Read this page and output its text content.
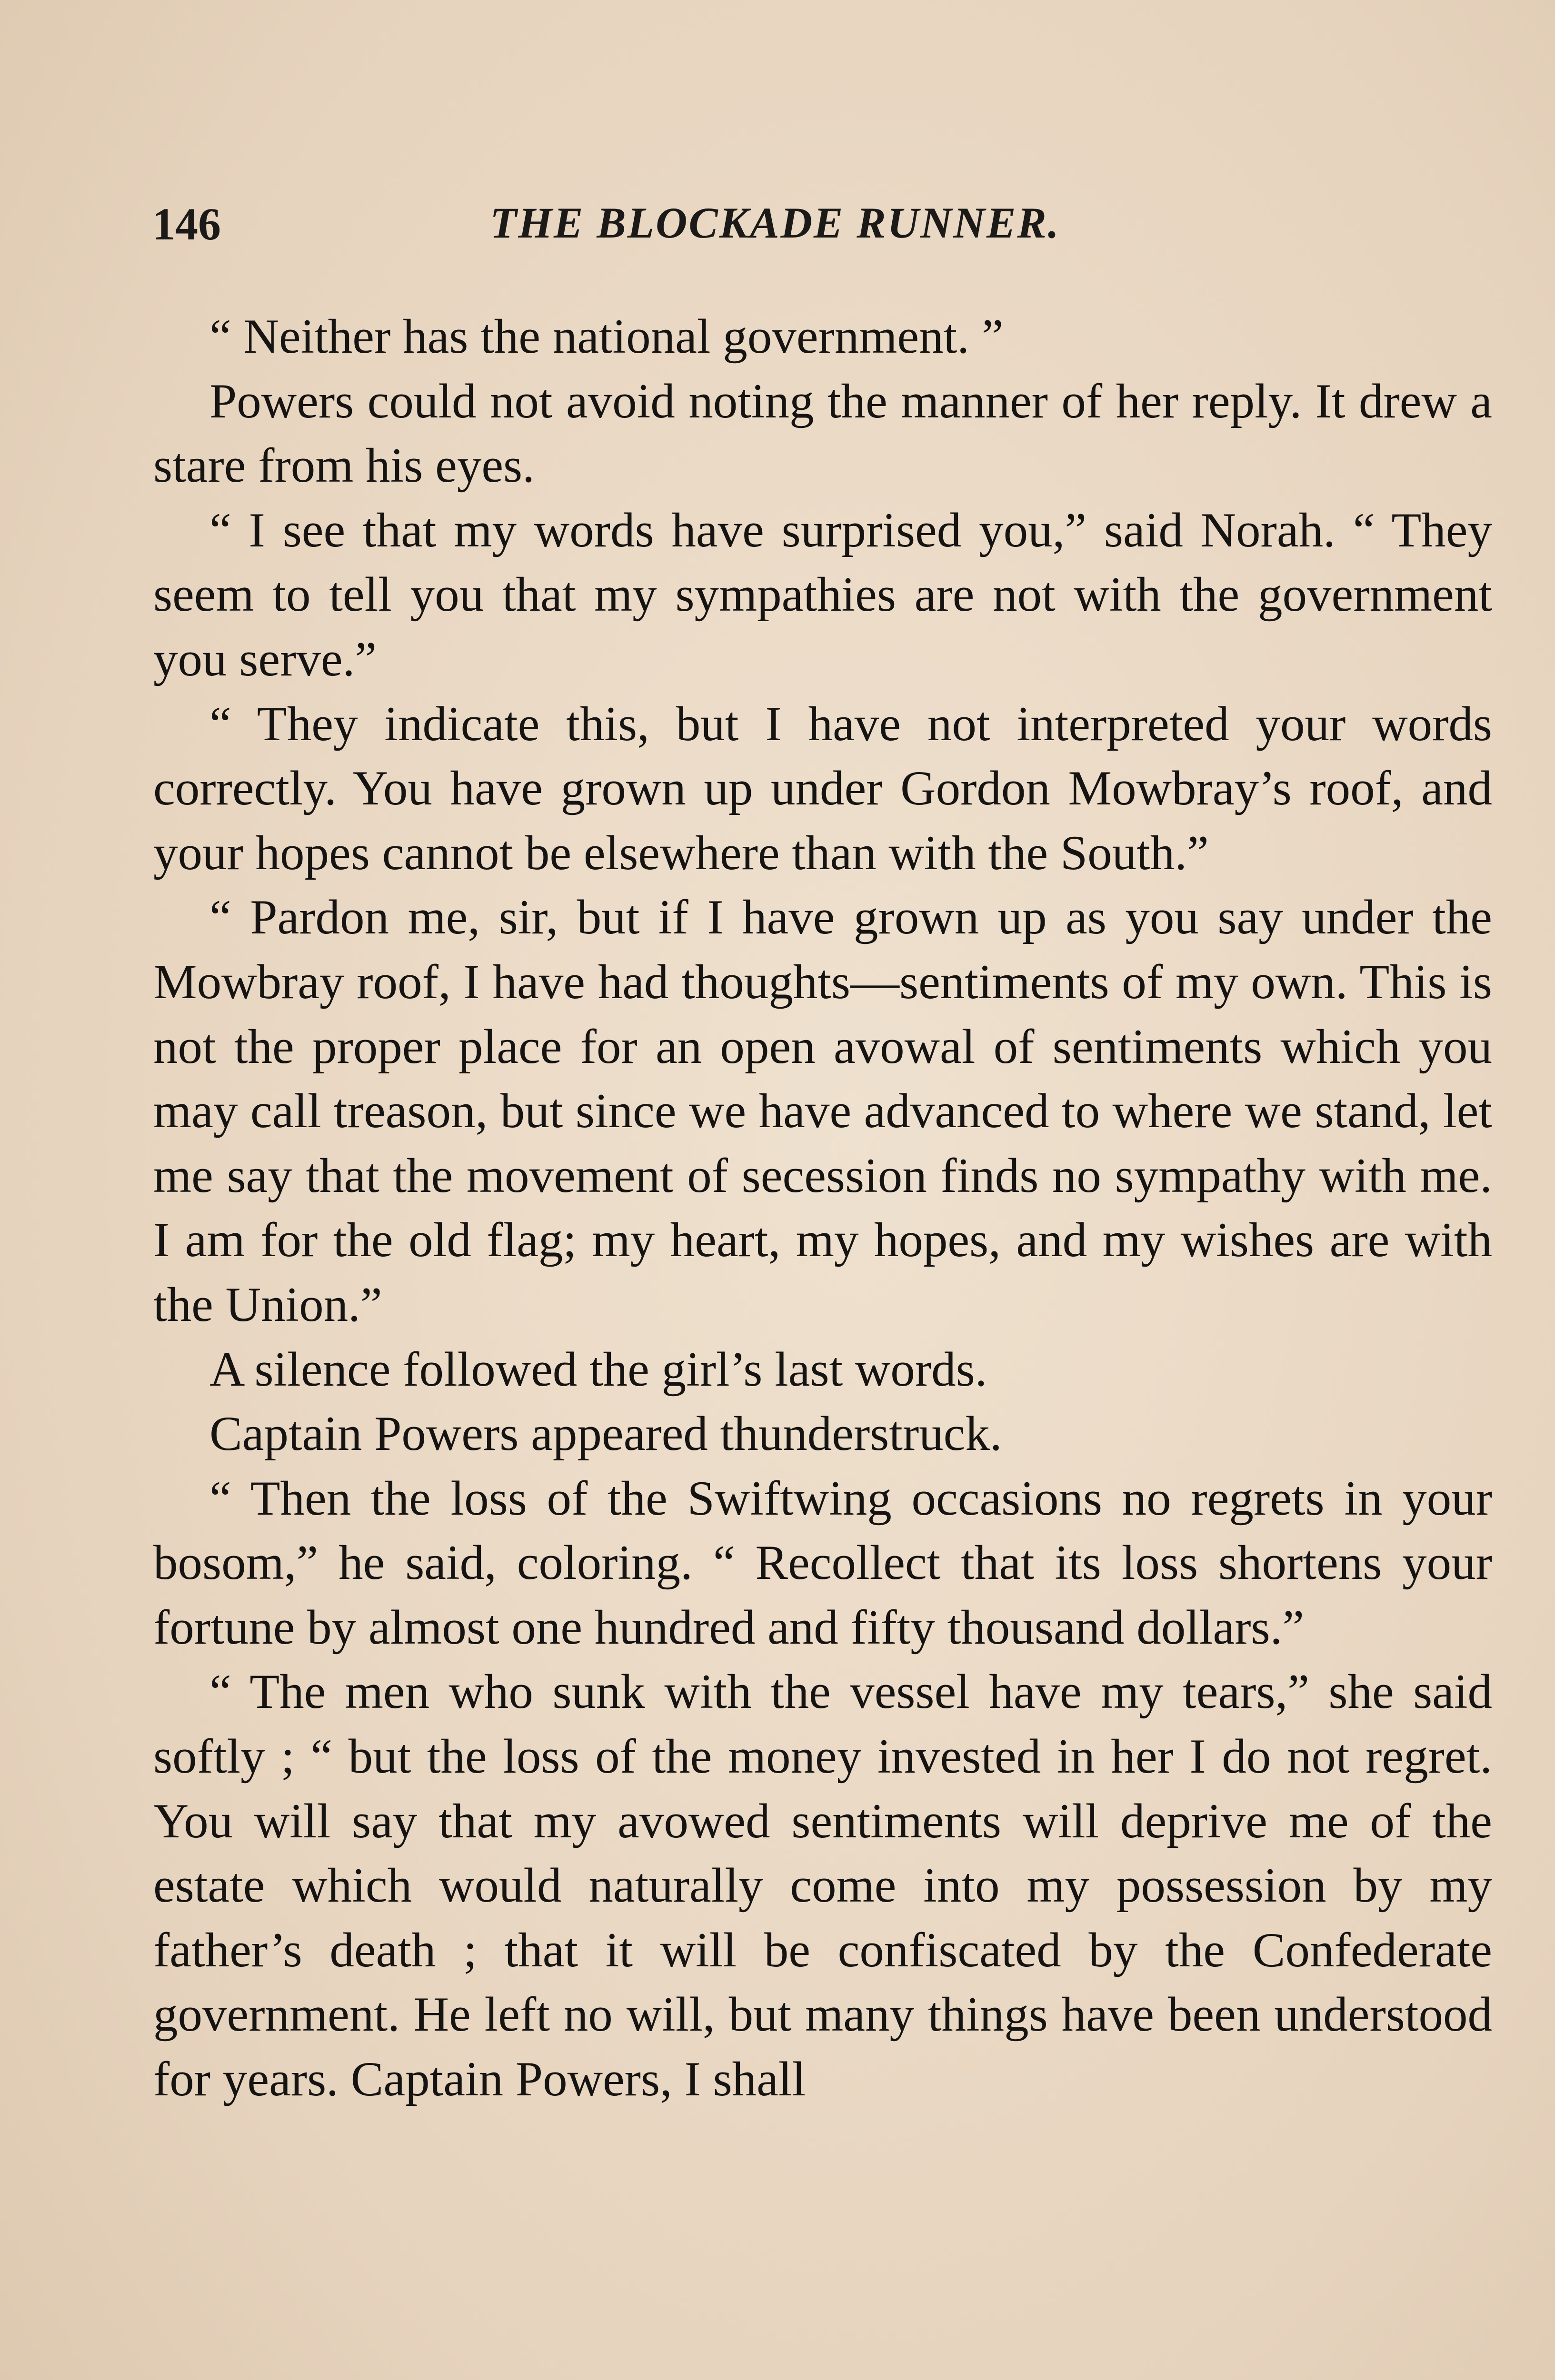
146	THE BLOCKADE RUNNER.

“ Neither has the national government. ”

Powers could not avoid noting the manner of her reply. It drew a stare from his eyes.

“ I see that my words have surprised you,” said Norah. “ They seem to tell you that my sympathies are not with the government you serve.”

“ They indicate this, but I have not interpreted your words correctly. You have grown up under Gordon Mowbray’s roof, and your hopes cannot be elsewhere than with the South.”

“ Pardon me, sir, but if I have grown up as you say under the Mowbray roof, I have had thoughts—sentiments of my own. This is not the proper place for an open avowal of sentiments which you may call treason, but since we have advanced to where we stand, let me say that the movement of secession finds no sympathy with me. I am for the old flag; my heart, my hopes, and my wishes are with the Union.”

A silence followed the girl’s last words.

Captain Powers appeared thunderstruck.

“ Then the loss of the Swiftwing occasions no regrets in your bosom,” he said, coloring. “ Recollect that its loss shortens your fortune by almost one hundred and fifty thousand dollars.”

“ The men who sunk with the vessel have my tears,” she said softly ; “ but the loss of the money invested in her I do not regret. You will say that my avowed sentiments will deprive me of the estate which would naturally come into my possession by my father’s death ; that it will be confiscated by the Confederate government. He left no will, but many things have been understood for years. Captain Powers, I shall
